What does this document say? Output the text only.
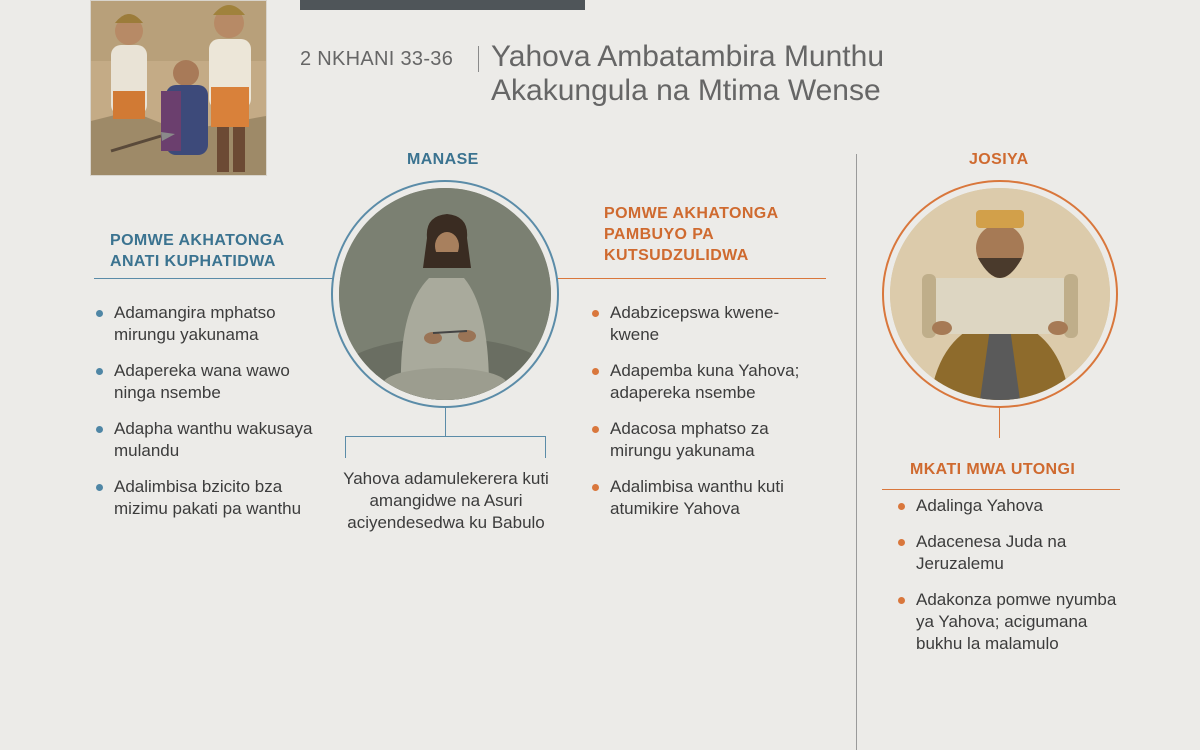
2 NKHANI 33-36 Yahova Ambatambira Munthu
Akakungula na Mtima Wense
MANASE
POMWE AKHATONGA ANATI KUPHATIDWA
Yahova adamulekerera kuti amangidwe na Asuri aciyendesedwa ku Babulo
Adamangira mphatso mirungu yakunama
Adapereka wana wawo ninga nsembe
Adapha wanthu wakusaya mulandu
Adalimbisa bzicito bza mizimu pakati pa wanthu
POMWE AKHATONGA PAMBUYO PA KUTSUDZULIDWA
Adabzicepswa kwene-kwene
Adapemba kuna Yahova; adapereka nsembe
Adacosa mphatso za mirungu yakunama
Adalimbisa wanthu kuti atumikire Yahova
JOSIYA
MKATI MWA UTONGI
Adalinga Yahova
Adacenesa Juda na Jeruzalemu
Adakonza pomwe nyumba ya Yahova; acigumana bukhu la malamulo
